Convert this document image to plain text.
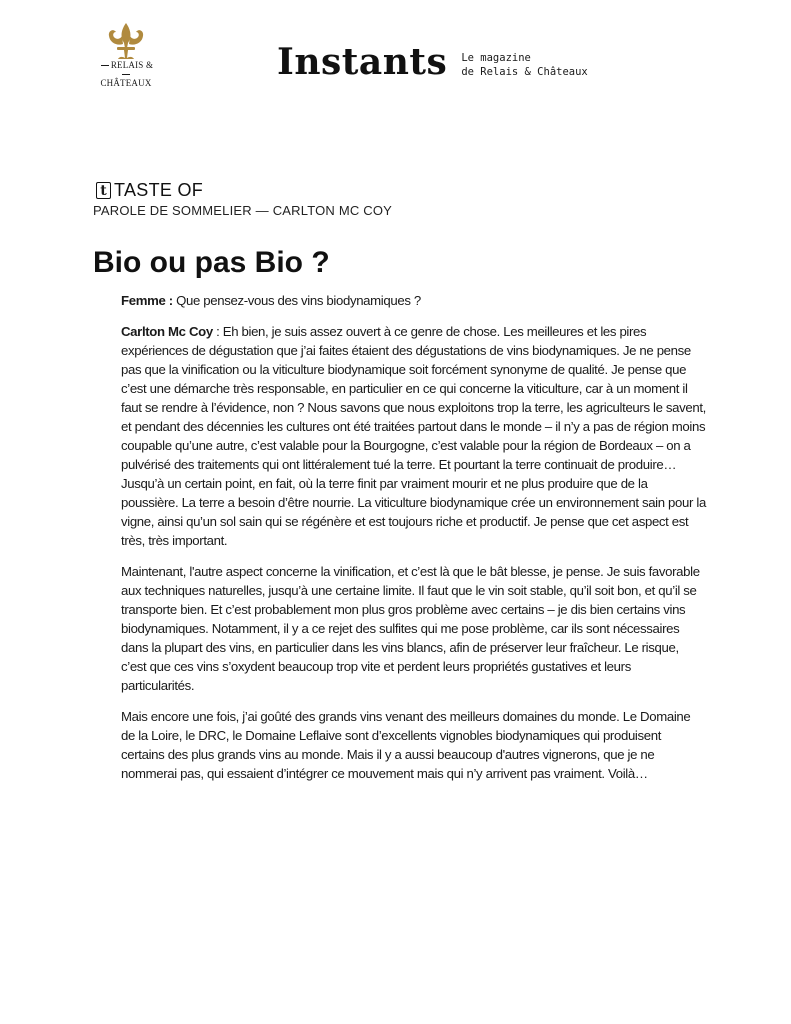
RELAIS &
CHÂTEAUX	Instants Le magazine
de Relais & Châteaux
t TASTE OF
PAROLE DE SOMMELIER — CARLTON MC COY
Bio ou pas Bio ?

Femme : Que pensez-vous des vins biodynamiques ?

Carlton Mc Coy : Eh bien, je suis assez ouvert à ce genre de chose. Les meilleures et les pires expériences de dégustation que j’ai faites étaient des dégustations de vins biodynamiques. Je ne pense pas que la vinification ou la viticulture biodynamique soit forcément synonyme de qualité. Je pense que c’est une démarche très responsable, en particulier en ce qui concerne la viticulture, car à un moment il faut se rendre à l’évidence, non ? Nous savons que nous exploitons trop la terre, les agriculteurs le savent, et pendant des décennies les cultures ont été traitées partout dans le monde – il n’y a pas de région moins coupable qu’une autre, c’est valable pour la Bourgogne, c’est valable pour la région de Bordeaux – on a pulvérisé des traitements qui ont littéralement tué la terre. Et pourtant la terre continuait de produire… Jusqu’à un certain point, en fait, où la terre finit par vraiment mourir et ne plus produire que de la poussière. La terre a besoin d’être nourrie. La viticulture biodynamique crée un environnement sain pour la vigne, ainsi qu’un sol sain qui se régénère et est toujours riche et productif. Je pense que cet aspect est très, très important.

Maintenant, l'autre aspect concerne la vinification, et c’est là que le bât blesse, je pense. Je suis favorable aux techniques naturelles, jusqu’à une certaine limite. Il faut que le vin soit stable, qu’il soit bon, et qu’il se transporte bien. Et c’est probablement mon plus gros problème avec certains – je dis bien certains vins biodynamiques. Notamment, il y a ce rejet des sulfites qui me pose problème, car ils sont nécessaires dans la plupart des vins, en particulier dans les vins blancs, afin de préserver leur fraîcheur. Le risque, c’est que ces vins s’oxydent beaucoup trop vite et perdent leurs propriétés gustatives et leurs particularités.

Mais encore une fois, j’ai goûté des grands vins venant des meilleurs domaines du monde. Le Domaine de la Loire, le DRC, le Domaine Leflaive sont d’excellents vignobles biodynamiques qui produisent certains des plus grands vins au monde. Mais il y a aussi beaucoup d'autres vignerons, que je ne nommerai pas, qui essaient d’intégrer ce mouvement mais qui n’y arrivent pas vraiment. Voilà…
